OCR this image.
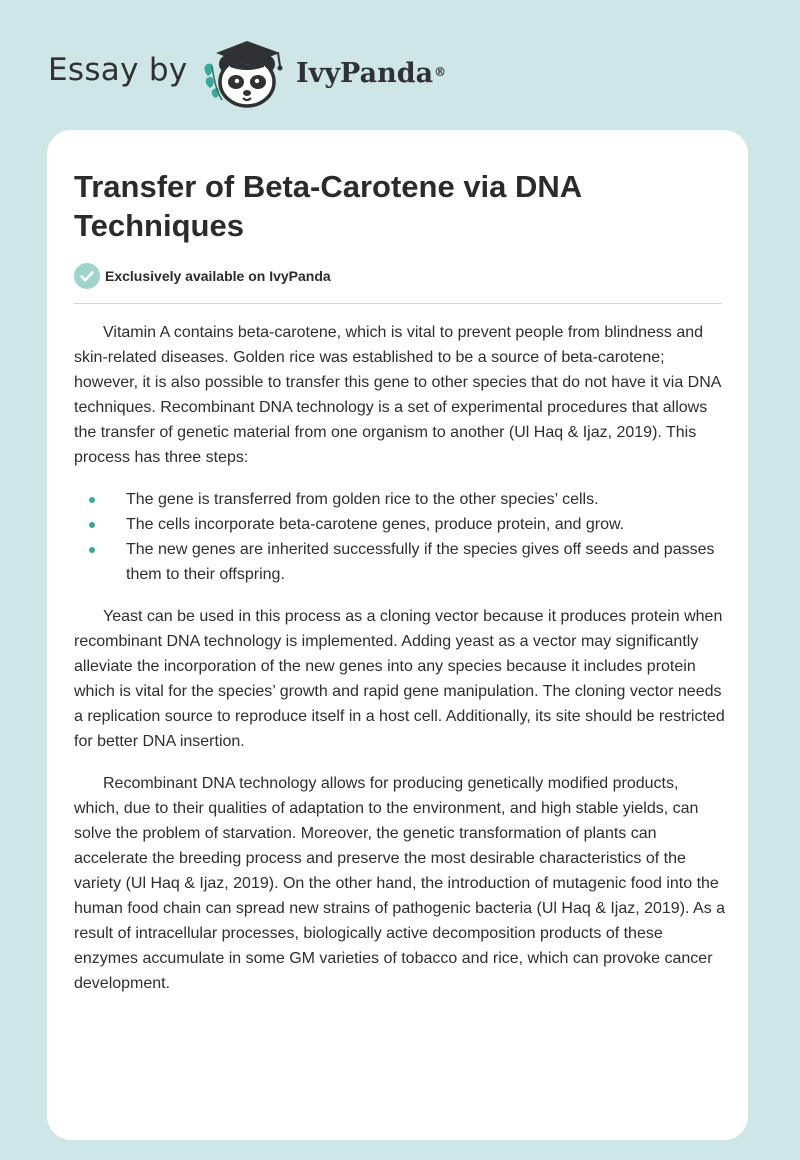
Essay by	IvyPanda®
Transfer of Beta-Carotene via DNA Techniques
Exclusively available on IvyPanda

Vitamin A contains beta-carotene, which is vital to prevent people from blindness and skin-related diseases. Golden rice was established to be a source of beta-carotene; however, it is also possible to transfer this gene to other species that do not have it via DNA techniques. Recombinant DNA technology is a set of experimental procedures that allows the transfer of genetic material from one organism to another (Ul Haq & Ijaz, 2019). This process has three steps:

The gene is transferred from golden rice to the other species’ cells.
The cells incorporate beta-carotene genes, produce protein, and grow.
The new genes are inherited successfully if the species gives off seeds and passes them to their offspring.

Yeast can be used in this process as a cloning vector because it produces protein when recombinant DNA technology is implemented. Adding yeast as a vector may significantly alleviate the incorporation of the new genes into any species because it includes protein which is vital for the species’ growth and rapid gene manipulation. The cloning vector needs a replication source to reproduce itself in a host cell. Additionally, its site should be restricted for better DNA insertion.

Recombinant DNA technology allows for producing genetically modified products, which, due to their qualities of adaptation to the environment, and high stable yields, can solve the problem of starvation. Moreover, the genetic transformation of plants can accelerate the breeding process and preserve the most desirable characteristics of the variety (Ul Haq & Ijaz, 2019). On the other hand, the introduction of mutagenic food into the human food chain can spread new strains of pathogenic bacteria (Ul Haq & Ijaz, 2019). As a result of intracellular processes, biologically active decomposition products of these enzymes accumulate in some GM varieties of tobacco and rice, which can provoke cancer development.
